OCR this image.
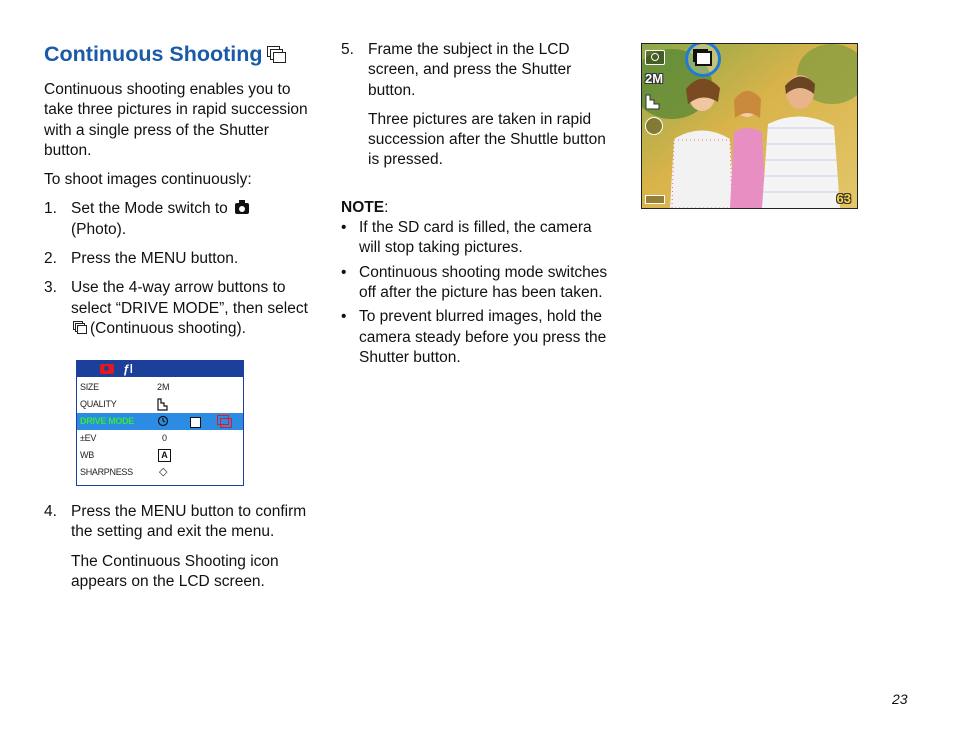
Continuous Shooting

Continuous shooting enables you to take three pictures in rapid succession with a single press of the Shutter button.

To shoot images continuously:

1. Set the Mode switch to
(Photo).
2. Press the MENU button.
3. Use the 4-way arrow buttons to select “DRIVE MODE”, then select
(Continuous shooting).
ƒǀ
SIZE	2M
QUALITY
DRIVE MODE
±EV	0
WB	A
SHARPNESS ◇
4. Press the MENU button to confirm the setting and exit the menu.
The Continuous Shooting icon appears on the LCD screen.
5. Frame the subject in the LCD screen, and press the Shutter button.
Three pictures are taken in rapid succession after the Shuttle button is pressed.
NOTE:
• If the SD card is filled, the camera will stop taking pictures.
• Continuous shooting mode switches off after the picture has been taken.
• To prevent blurred images, hold the camera steady before you press the Shutter button.
2M
63
23
